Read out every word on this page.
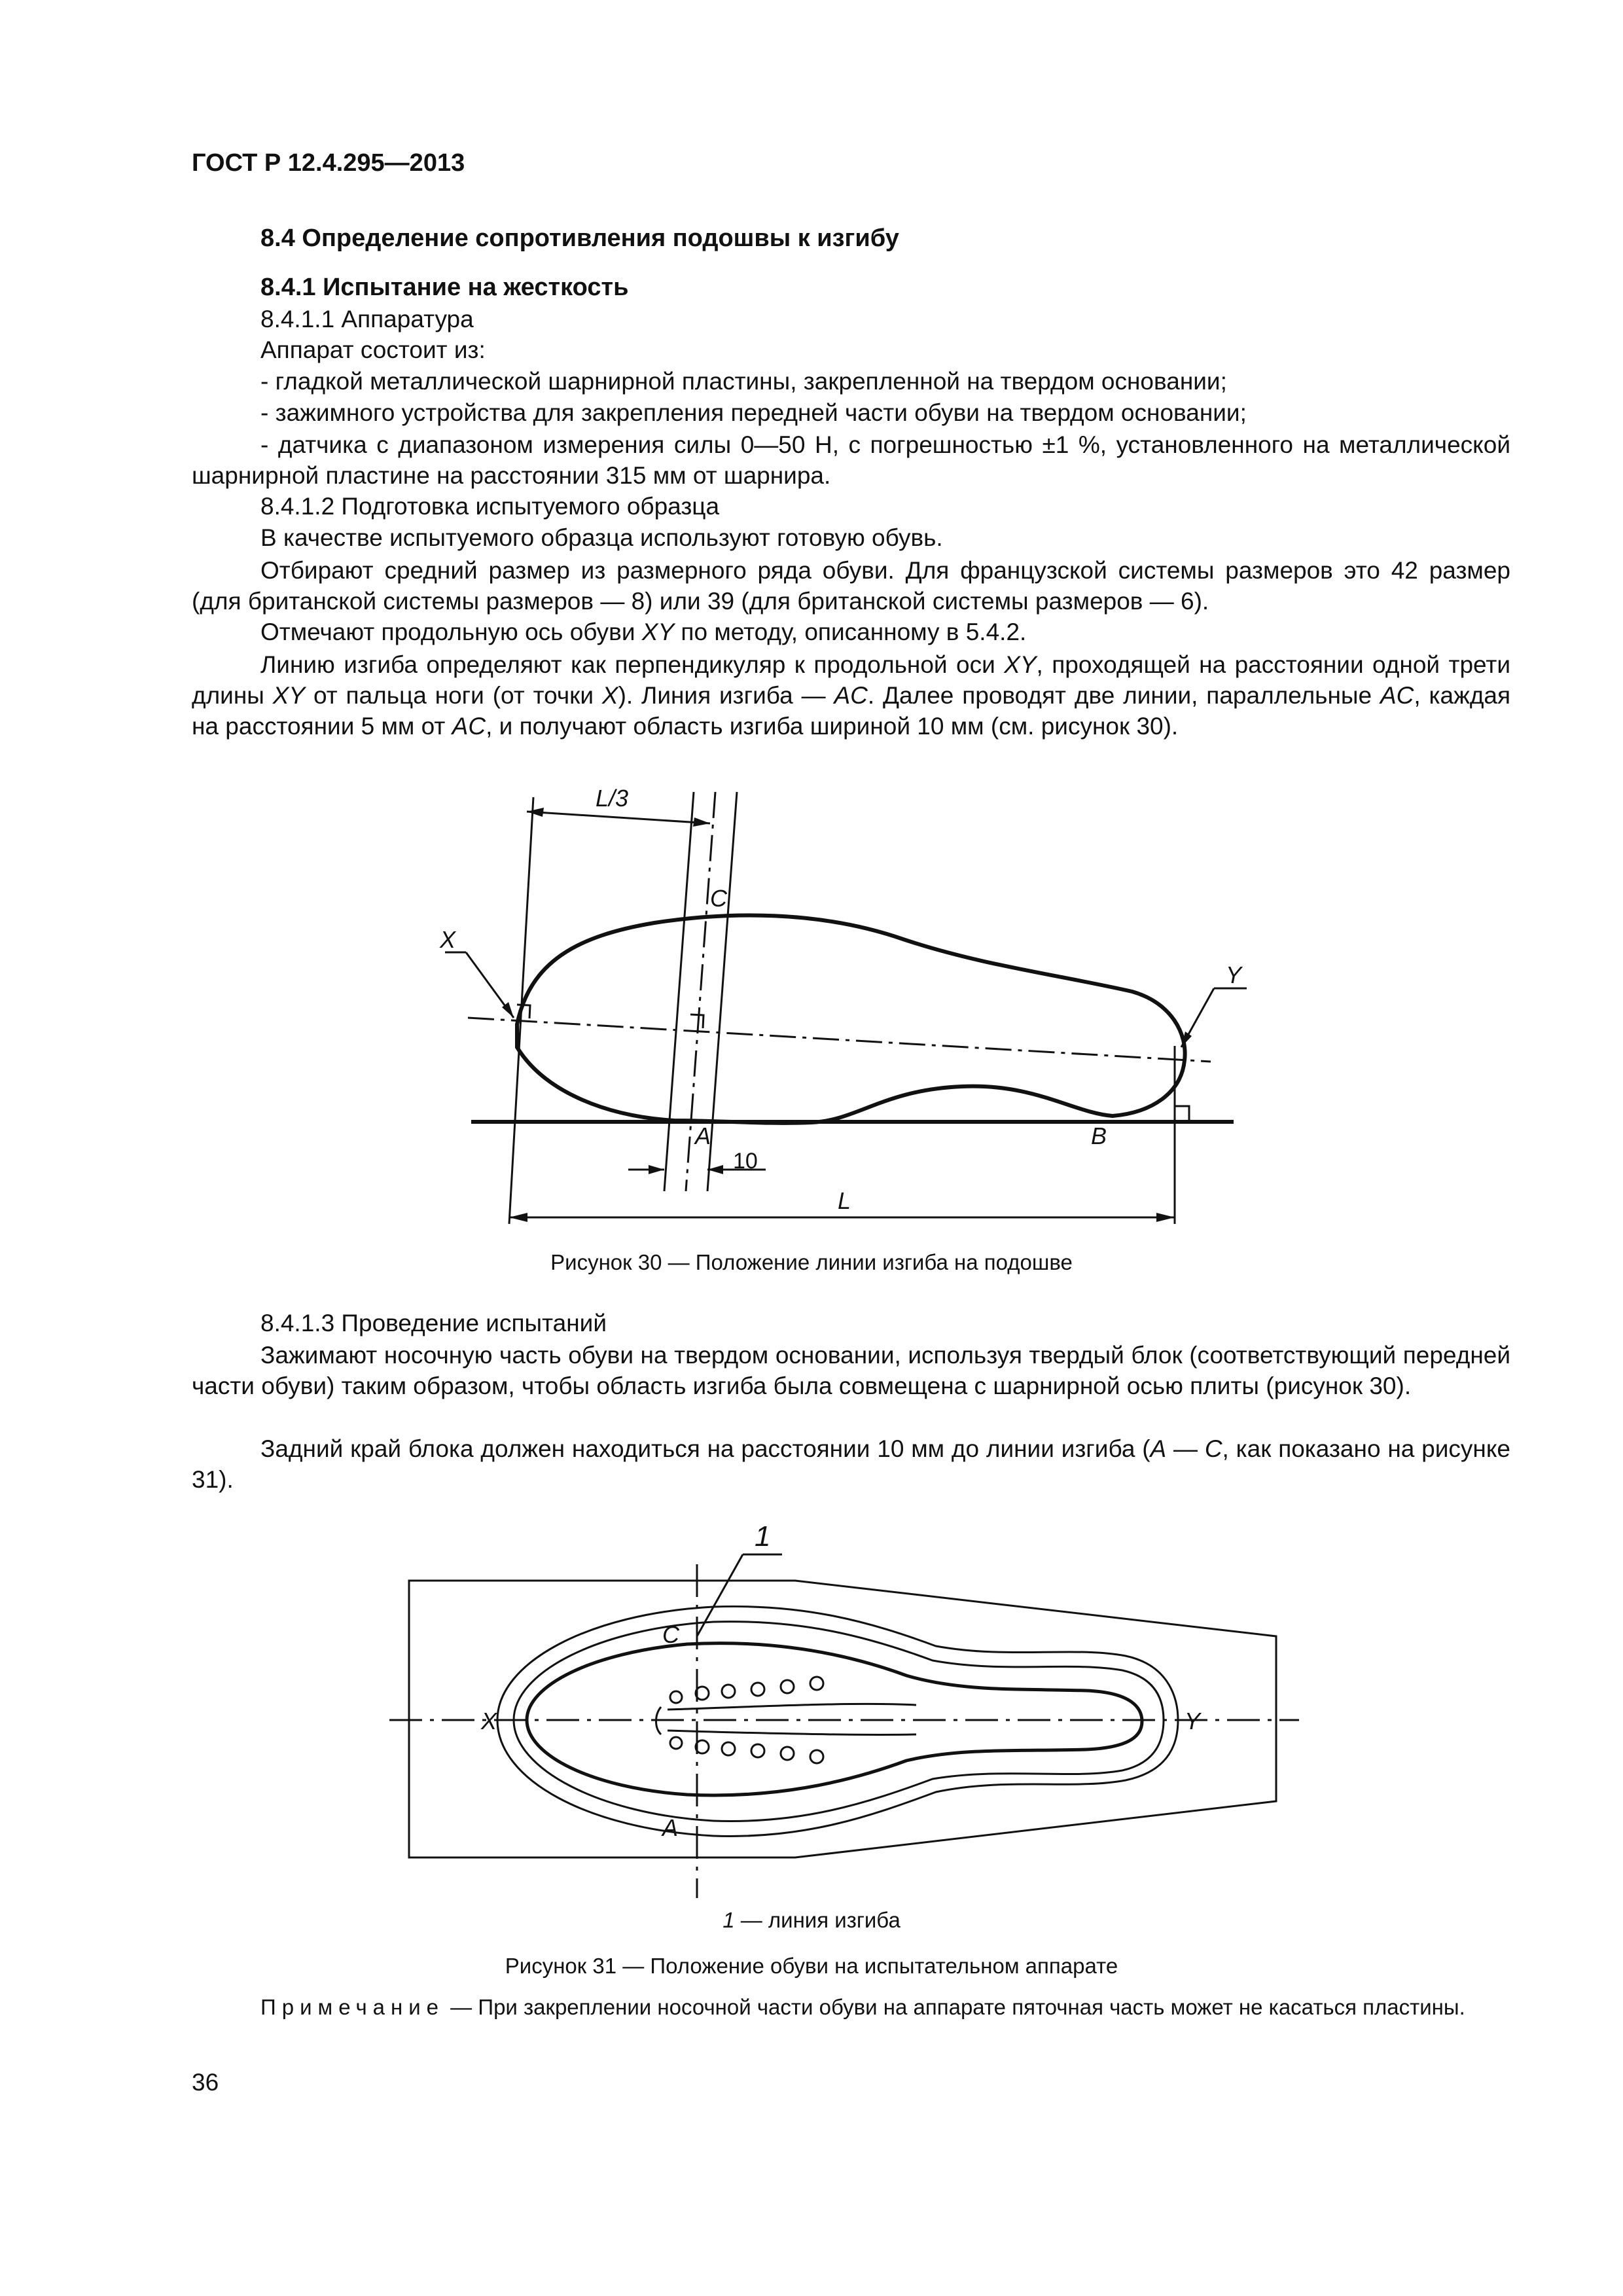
ГОСТ Р 12.4.295—2013
8.4 Определение сопротивления подошвы к изгибу
8.4.1 Испытание на жесткость
8.4.1.1 Аппаратура
Аппарат состоит из:
- гладкой металлической шарнирной пластины, закрепленной на твердом основании;
- зажимного устройства для закрепления передней части обуви на твердом основании;
- датчика с диапазоном измерения силы 0—50 Н, с погрешностью ±1 %, установленного на металлической шарнирной пластине на расстоянии 315 мм от шарнира.
8.4.1.2 Подготовка испытуемого образца
В качестве испытуемого образца используют готовую обувь.
Отбирают средний размер из размерного ряда обуви. Для французской системы размеров это 42 размер (для британской системы размеров — 8) или 39 (для британской системы размеров — 6).
Отмечают продольную ось обуви XY по методу, описанному в 5.4.2.
Линию изгиба определяют как перпендикуляр к продольной оси XY, проходящей на расстоянии одной трети длины XY от пальца ноги (от точки X). Линия изгиба — AC. Далее проводят две линии, параллельные AC, каждая на расстоянии 5 мм от AC, и получают область изгиба шириной 10 мм (см. рисунок 30).
L/3
C
X
Y
A	B
L
10
Рисунок 30 — Положение линии изгиба на подошве
8.4.1.3 Проведение испытаний
Зажимают носочную часть обуви на твердом основании, используя твердый блок (соответствующий передней части обуви) таким образом, чтобы область изгиба была совмещена с шарнирной осью плиты (рисунок 30).
Задний край блока должен находиться на расстоянии 10 мм до линии изгиба (A — C, как показано на рисунке 31).
1
C
X	Y
A
1 — линия изгиба
Рисунок 31 — Положение обуви на испытательном аппарате
Примечание — При закреплении носочной части обуви на аппарате пяточная часть может не касаться пластины.
36
